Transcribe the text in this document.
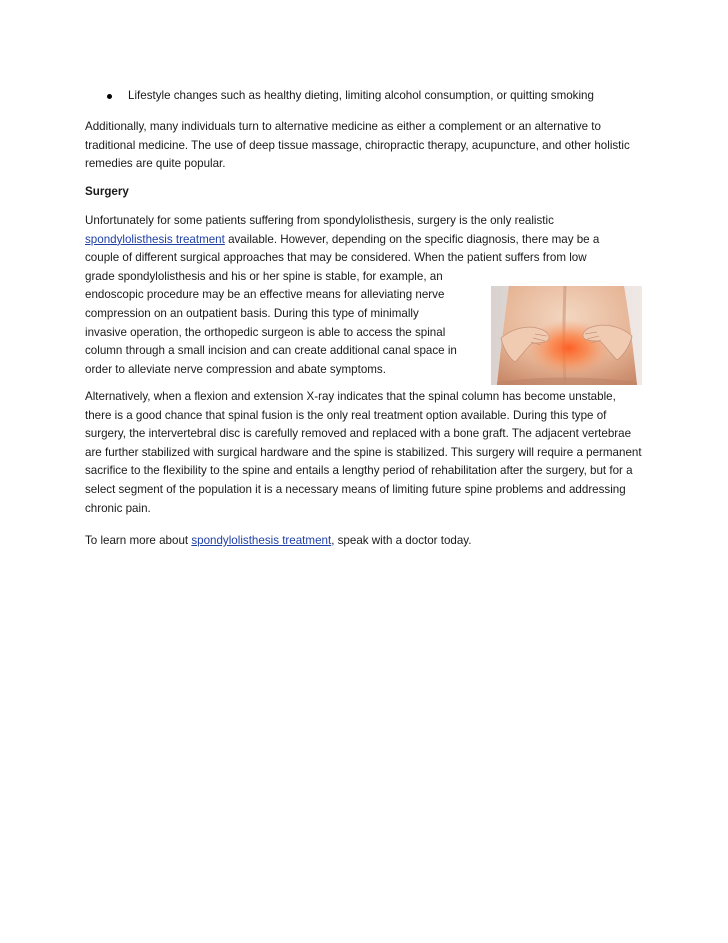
Lifestyle changes such as healthy dieting, limiting alcohol consumption, or quitting smoking
Additionally, many individuals turn to alternative medicine as either a complement or an alternative to traditional medicine. The use of deep tissue massage, chiropractic therapy, acupuncture, and other holistic remedies are quite popular.
Surgery
Unfortunately for some patients suffering from spondylolisthesis, surgery is the only realistic
spondylolisthesis treatment available. However, depending on the specific diagnosis, there may be a
couple of different surgical approaches that may be considered. When the patient suffers from low
grade spondylolisthesis and his or her spine is stable, for example, an
endoscopic procedure may be an effective means for alleviating nerve
compression on an outpatient basis. During this type of minimally
invasive operation, the orthopedic surgeon is able to access the spinal
column through a small incision and can create additional canal space in
order to alleviate nerve compression and abate symptoms.
Alternatively, when a flexion and extension X-ray indicates that the spinal column has become unstable, there is a good chance that spinal fusion is the only real treatment option available. During this type of surgery, the intervertebral disc is carefully removed and replaced with a bone graft. The adjacent vertebrae are further stabilized with surgical hardware and the spine is stabilized. This surgery will require a permanent sacrifice to the flexibility to the spine and entails a lengthy period of rehabilitation after the surgery, but for a select segment of the population it is a necessary means of limiting future spine problems and addressing chronic pain.
To learn more about spondylolisthesis treatment, speak with a doctor today.
